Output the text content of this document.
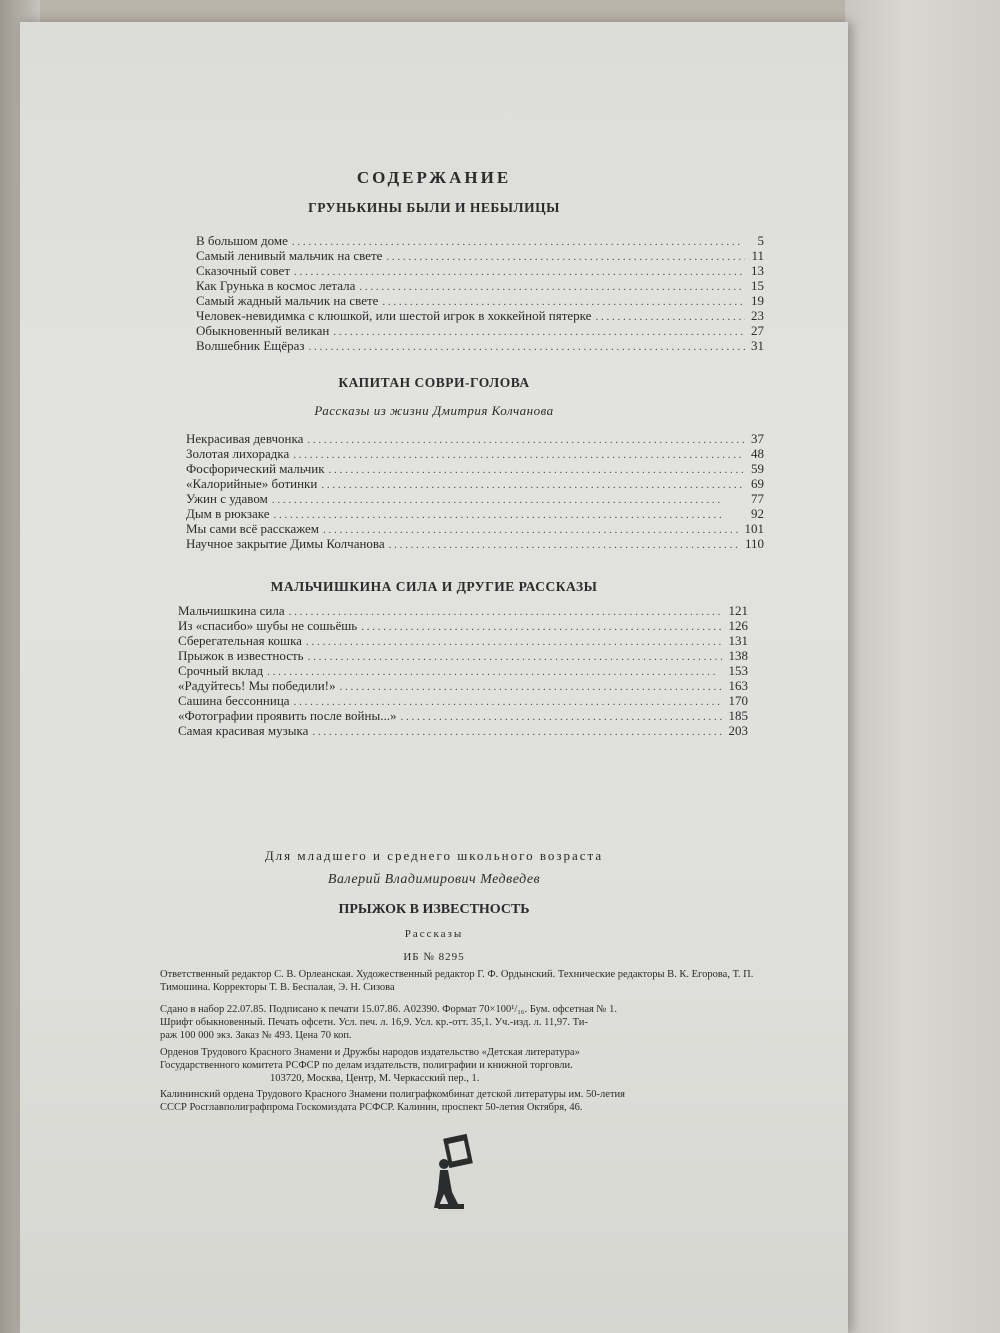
СОДЕРЖАНИЕ
ГРУНЬКИНЫ БЫЛИ И НЕБЫЛИЦЫ
В большом доме . . .	5
Самый ленивый мальчик на свете . . .	11
Сказочный совет . . .	13
Как Грунька в космос летала . . .	15
Самый жадный мальчик на свете . . .	19
Человек-невидимка с клюшкой, или шестой игрок в хоккейной пятерке . . .	23
Обыкновенный великан . . .	27
Волшебник Ещёраз . . .	31
КАПИТАН СОВРИ-ГОЛОВА
Рассказы из жизни Дмитрия Колчанова
Некрасивая девчонка . . .	37
Золотая лихорадка . . .	48
Фосфорический мальчик . . .	59
«Калорийные» ботинки . . .	69
Ужин с удавом . . .	77
Дым в рюкзаке . . .	92
Мы сами всё расскажем . . .	101
Научное закрытие Димы Колчанова . . .	110
МАЛЬЧИШКИНА СИЛА И ДРУГИЕ РАССКАЗЫ
Мальчишкина сила . . .	121
Из «спасибо» шубы не сошьёшь . . .	126
Сберегательная кошка . . .	131
Прыжок в известность . . .	138
Срочный вклад . . .	153
«Радуйтесь! Мы победили!» . . .	163
Сашина бессонница . . .	170
«Фотографии проявить после войны...» . . .	185
Самая красивая музыка . . .	203
Для младшего и среднего школьного возраста
Валерий Владимирович Медведев
ПРЫЖОК В ИЗВЕСТНОСТЬ
Рассказы
ИБ № 8295
Ответственный редактор С. В. Орлеанская. Художественный редактор Г. Ф. Ордынский. Технические редакторы В. К. Егорова, Т. П. Тимошина. Корректоры Т. В. Беспалая, Э. Н. Сизова
Сдано в набор 22.07.85. Подписано к печати 15.07.86. А02390. Формат 70×100¹/₁₆. Бум. офсетная № 1.
Шрифт обыкновенный. Печать офсетн. Усл. печ. л. 16,9. Усл. кр.-отт. 35,1. Уч.-изд. л. 11,97. Ти-
раж 100 000 экз. Заказ № 493. Цена 70 коп.
Орденов Трудового Красного Знамени и Дружбы народов издательство «Детская литература»
Государственного комитета РСФСР по делам издательств, полиграфии и книжной торговли.
103720, Москва, Центр, М. Черкасский пер., 1.
Калининский ордена Трудового Красного Знамени полиграфкомбинат детской литературы им. 50-летия
СССР Росглавполиграфпрома Госкомиздата РСФСР. Калинин, проспект 50-летия Октября, 46.
